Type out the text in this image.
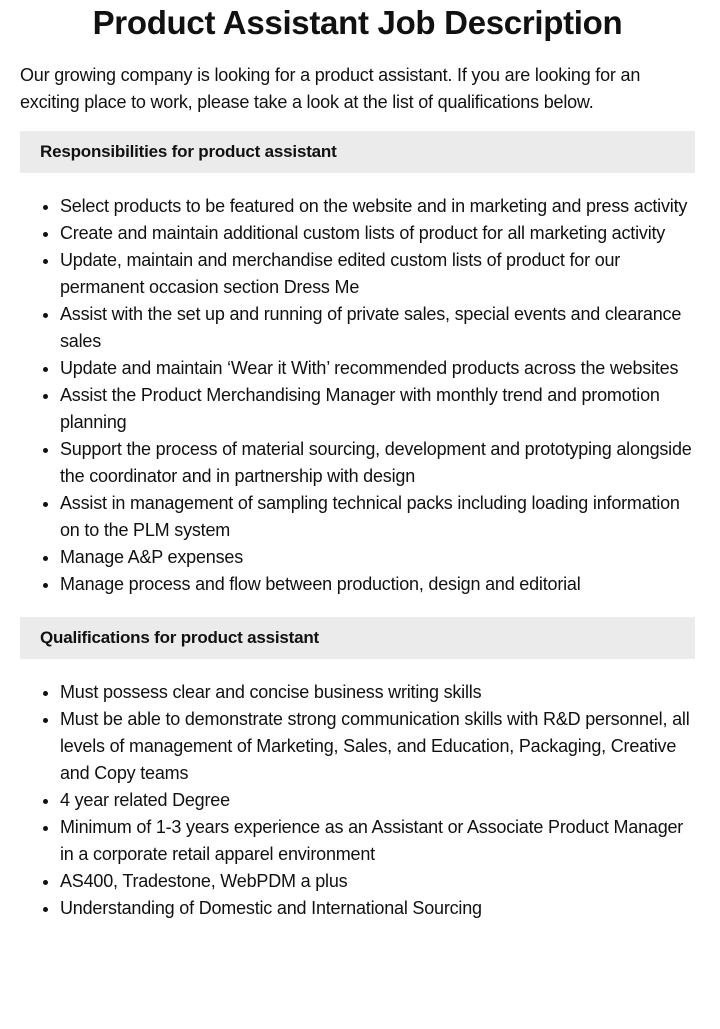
Product Assistant Job Description

Our growing company is looking for a product assistant. If you are looking for an exciting place to work, please take a look at the list of qualifications below.

Responsibilities for product assistant
• Select products to be featured on the website and in marketing and press activity
• Create and maintain additional custom lists of product for all marketing activity
• Update, maintain and merchandise edited custom lists of product for our permanent occasion section Dress Me
• Assist with the set up and running of private sales, special events and clearance sales
• Update and maintain ‘Wear it With’ recommended products across the websites
• Assist the Product Merchandising Manager with monthly trend and promotion planning
• Support the process of material sourcing, development and prototyping alongside the coordinator and in partnership with design
• Assist in management of sampling technical packs including loading information on to the PLM system
• Manage A&P expenses
• Manage process and flow between production, design and editorial
Qualifications for product assistant
• Must possess clear and concise business writing skills
• Must be able to demonstrate strong communication skills with R&D personnel, all levels of management of Marketing, Sales, and Education, Packaging, Creative and Copy teams
• 4 year related Degree
• Minimum of 1-3 years experience as an Assistant or Associate Product Manager in a corporate retail apparel environment
• AS400, Tradestone, WebPDM a plus
• Understanding of Domestic and International Sourcing
